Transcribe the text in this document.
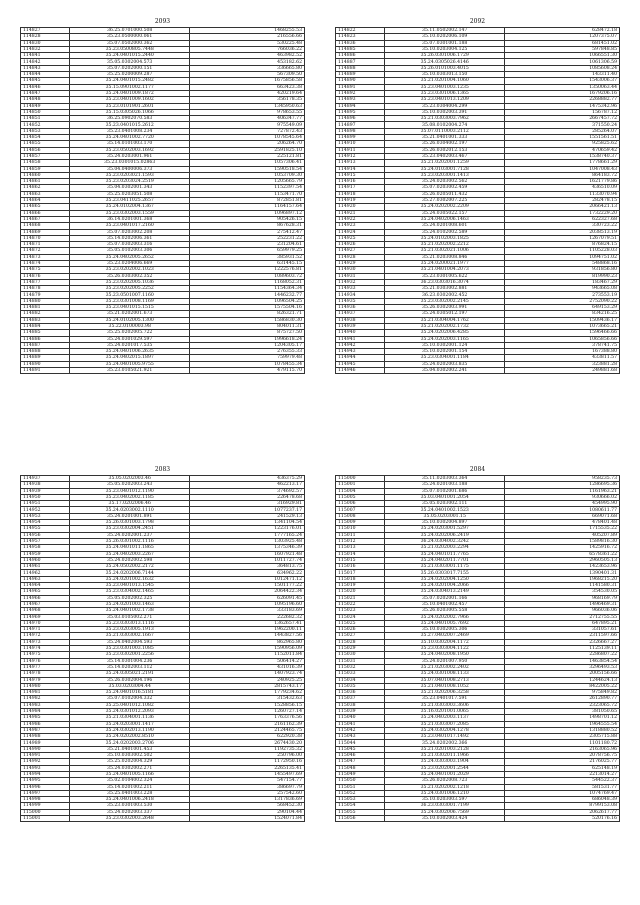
2093
114827	36.25.0701000.508	1468255.53
114828	35.23.0500000.061	216556.66
114830	35.07.0502000.362	530225.48
114832	35.23.0500805.7448	766036.22
114841	35.24.0401015.2440	463982.52
114842	35.05.0302004.573	453182.62
114843	35.07.0202000.151	336665.80
114844	35.25.0200009.287	567309.50
114845	35.24.0401015.2482	1675856.58
114846	35.15.0901002.1177	663423.38
114847	35.24.0401009.1872	420219.64
114848	35.23.0401009.1602	356178.35
114849	35.23.0101901.2601	1345950.63
114850	35.15.0305026.1066	978653.55
114851	36.25.0902070.583	406347.77
114852	35.23.0401015.2612	975549.09
114853	35.23.0401008.234	727872.43
114854	35.24.0401002.7720	1078545.64
114855	35.14.0101003.170	206264.70
114856	35.23.0502003.1692	2591825.10
114857	35.24.0203001.961	225121.81
114858	35.23.0301015.02863	1057306.41
114859	35.04.0400006.373	1590518.54
114860	35.23.0203021.1593	1053709.30
114861	35.23.0203024.2519	1205665.79
114862	35.04.0302001.343	1152397.54
114863	35.25.0203051.508	1153471.70
114864	35.23.0411025.2657	872851.81
114865	35.24.0102004.1367	1164157.64
114866	35.23.0302003.1559	1096897.12
114867	36.14.0201001.368	905426.15
114868	35.23.0401017.2160	867628.31
114869	35.07.0203002.208	275412.47
114870	35.14.0202006.361	252231.22
114871	35.07.0302003.316	231204.61
114872	35.05.0102003.306	659979.25
114873	35.24.0402005.2652	385931.52
114874	35.23.0204006.669	631445.15
114875	35.23.0202002.1023	1222576.81
114876	35.26.0303002.352	1089603.72
114877	35.23.0202005.1036	1168052.31
114878	35.23.0202005.2252	1154364.34
114879	35.23.0501007.1160	1446232.77
114880	35.23.0301008.1169	1096504.25
114881	35.23.0401015.1515	1575504.16
114882	35.21.0202001.673	826321.71
114883	35.24.0102005.1300	1586830.30
114884	35.22.0100003.98	804011.31
114885	35.25.0202005.722	875727.50
114886	35.24.0301029.597	1996618.24
114887	35.24.0201017.535	1204305.17
114888	35.24.0401006.2635	276355.33
114889	35.24.0402015.1897	759979.48
114890	35.24.0401005.9755	1078455.34
114891	35.23.0105021.921	479115.70
2092
114822	35.11.0502002.147	628472.18
114823	35.10.0202006.109	1207375.07
114836	35.07.0301001.188	681451.02
114885	35.10.0203004.125	597848.85
114886	35.26.0301006.1729	1066551.30
114887	35.24.0305026.4146	1061306.59
114888	35.26.0101003.4015	1085608.24
114889	35.10.0303013.150	143311.40
114890	35.21.0201004.1060	1543006.37
114891	35.23.0401003.1235	1350063.44
114892	35.23.0301006.1365	1679206.16
114893	35.23.0401013.1209	2268882.77
114894	35.23.0304004.299	1475342.96
114895	35.10.0302003.391	156787.12
114896	35.21.0303003.7962	2667457.72
114897	35.08.0102004.274	371550.24
114898	35.07.0110003.2112	285264.07
114899	35.21.0401001.333	1551561.51
114910	35.26.0304002.197	925825.62
114911	35.26.0302012.153	470659.42
114912	35.23.0402003.467	1538740.37
114913	35.21.0202001.1259	1778661.29
114914	35.24.0103001.7128	1047008.43
114915	35.23.0203001.1413	864183.72
114916	35.24.0203002.562	1621779.86
114917	35.07.0203002.459	436510.09
114918	35.26.0205011.432	1133070.94
114919	35.27.0302007.225	282478.15
114920	35.24.0202002.2209	2066421.13
114921	35.24.0305022.157	1732229.20
114922	35.24.0402006.1463	622327.68
114923	35.24.0201008.601	330723.22
114924	35.24.0102002.589	2038513.19
114925	35.24.0102003.1825	1267079.51
114926	35.21.0202002.2212	876824.15
114927	35.21.0302021.1006	1105228.03
114928	35.21.0203008.846	1094751.02
114929	35.24.0200021.1977	548868.16
114930	35.21.0401004.2073	931856.80
114931	35.23.0301005.622	819990.23
114932	36.23.0303016.3074	183467.29
114933	35.21.0303002.881	943665.08
114934	36.23.0302002.452	273553.19
114935	35.23.0302002.2145	2752090.22
114936	35.26.0302003.991	649153.29
114937	35.24.0305012.197	834216.25
114938	35.21.0304004.1762	1509436.17
114939	35.21.0202002.1732	1073665.21
114940	35.24.0202006.4285	1596466.66
114941	35.24.0202003.1165	1065856.66
114942	35.10.0302001.124	378741.75
114943	35.10.0202001.154	167388.80
114944	35.23.0304001.1184	433811.57
114945	35.24.0202003.835	323881.28
114946	35.04.0302002.241	249881.68
2083
114937	35.05.0202003.46	436375.29
114938	35.05.0202003.243	462213.17
114939	35.23.0401012.1190	374692.57
114950	35.23.0402002.1185	226478.68
114951	35.17.0202006.46	316929.81
114952	35.24.0203002.1110	1077237.17
114953	35.24.0201001.891	241529.13
114954	35.26.0301003.1798	1341104.54
114955	35.23.0302004.2451	1223176.01
114956	35.24.0202001.237	1777165.24
114957	35.26.0301002.1116	1303925.48
114958	35.24.0401011.1865	1375346.39
114959	35.24.0402003.2267	1607921.48
114960	35.24.0202002.598	1011727.74
114961	35.24.0502002.2172	364813.75
114962	35.24.0202006.7144	634962.22
114963	35.24.0201002.1632	1012471.12
114964	35.23.0401013.1545	1501177.22
114965	35.23.0304002.1465	2064422.34
114966	35.05.0202002.325	626091.45
114967	35.24.0201003.1463	1095196.60
114968	35.24.0401002.1738	333183.69
114969	35.03.0105002.271	222682.32
114970	35.23.0303013.1116	1362657.41
114971	35.23.0203005.1913	1962200.11
114972	35.21.0303002.1667	1443827.56
114973	35.24.0402004.593	862965.80
114974	35.23.0301003.1085	1590956.09
114975	35.23.0302001.2256	1152011.84
114976	35.14.0301004.236	506414.27
114977	35.14.0202003.112	431016.39
114978	35.24.0305021.2191	1407923.74
114979	35.26.0302004.196	240925.25
114980	35.03.0203004.44	2815743.17
114981	35.24.0401016.5181	1779234.62
114982	35.07.0102004.332	315432.63
114983	35.25.0401012.1082	1528856.15
114984	35.24.0301012.2093	1260727.14
114985	35.21.0304001.1136	1763376.56
114986	35.24.0203001.1417	2161162.39
114987	35.24.0302013.1190	2124465.75
114988	35.24.0202002.8510	622920.38
114989	35.24.0202003.2706	2674430.20
114990	35.21.0401001.453	1192735.32
114991	35.10.0303002.502	250796.00
114992	35.25.0202004.329	1172950.16
114993	35.24.0302002.271	2265135.41
114994	35.24.0401005.1166	1455497.69
114995	35.02.0104002.324	547154.77
114996	35.14.0201002.211	386697.79
114997	35.25.0401003.228	257542.60
114998	35.24.0401006.2418	1317836.69
114999	35.23.0301003.530	568452.30
115000	35.24.0202003.337	290104.44
115001	35.23.0302003.2648	1524071.84
2084
115000	35.11.0203003.364	958235.73
115001	35.24.0201003.188	1286695.36
115004	35.07.0102001.686	1161963.21
115005	35.03.0401001.2054	930666.02
115006	35.05.0203002.111	454995.90
115007	35.24.0401002.1523	1080611.77
115008	35.05.0203001.15	669071.68
115009	35.10.0302004.897	478401.48
115010	35.24.0203001.5297	1715535.22
115011	35.24.0202006.2419	405207.89
115012	36.24.0304002.3242	1589816.30
115013	35.21.0202003.2294	1425916.72
115014	35.24.0401011.7765	6578361.22
115015	35.24.0402011.7701	2960505.13
115016	35.21.0303001.1175	1423653.96
115017	35.26.0303017.7155	1390401.31
115018	35.24.0202004.1250	1968215.20
115019	35.24.0201004.2066	1141580.31
115020	35.24.0304013.2149	354530.05
115021	35.07.0202001.166	968169.79
115022	35.10.0401002.457	1496469.31
115023	35.26.0203005.558	966036.06
115024	35.24.0202002.7966	2712755.55
115025	35.24.0401005.7692	647895.21
115026	35.10.0302005.306	331057.61
115027	35.27.0402007.2469	2311597.66
115028	35.10.0302004.1172	2326667.27
115029	35.23.0303004.1122	1125139.11
115030	35.24.0402008.1950	2286807.22
115031	35.24.0201007.950	1463854.54
115032	35.21.0203002.2402	3296493.53
115033	35.24.0301008.1133	2005156.66
115034	35.07.0401008.2713	1244624.13
115035	35.21.0401008.1052	8422005.22
115036	35.21.0202006.3258	975849.82
115037	35.23.0401017.591	2612890.77
115038	35.21.0303003.3606	2323065.72
115039	35.16.0201001.0065	381050.65
115040	35.24.0402003.1137	1498701.12
115041	35.21.0303007.2085	1964555.54
115042	35.24.0302004.1278	1318880.52
115043	35.23.0401017.1492	2305715.88
115044	35.24.0202002.366	1101180.72
115045	35.21.0201003.2128	2163065.96
115046	35.21.0302011.1966	2078756.75
115047	35.24.0303003.1904	2176025.77
115048	35.23.0202001.2544	625148.19
115049	35.24.0401001.2029	2213014.27
115050	35.26.0202008.723	544522.37
115051	35.21.0202002.1218	581531.77
115052	35.24.0301006.1210	1074769.47
115053	35.10.0203003.597	686048.39
115054	36.23.0303001.7199	8799153.08
115055	35.24.0302006.7569	2062617.77
115056	35.10.0302003.424	520176.16
